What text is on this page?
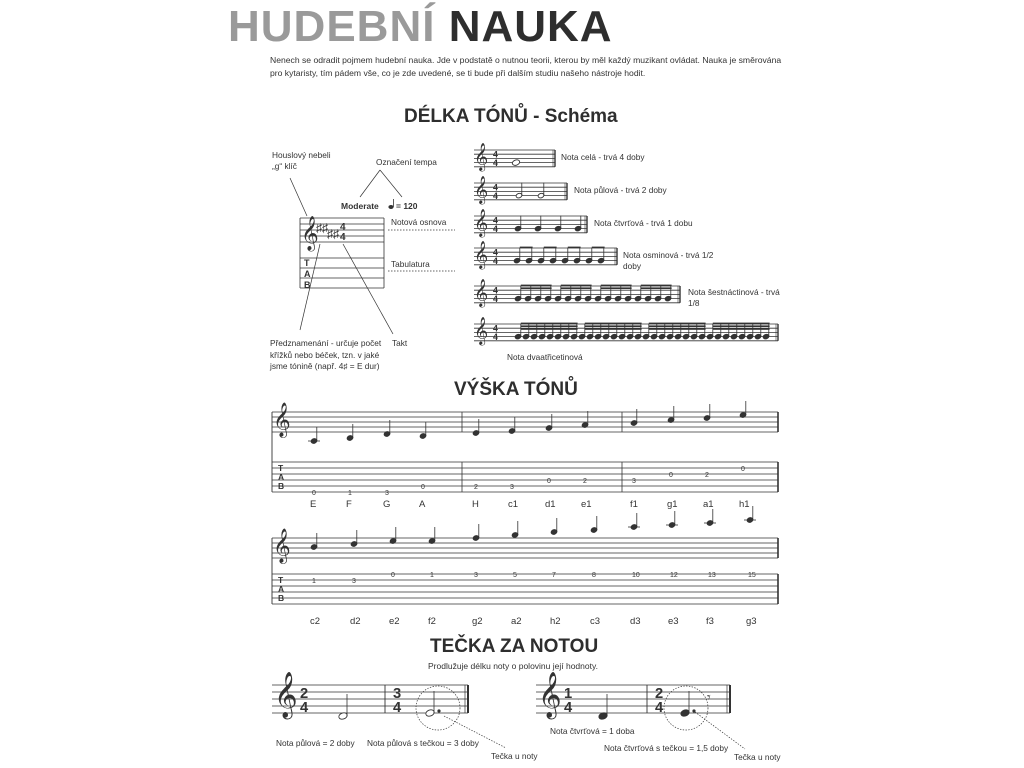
HUDEBNÍ NAUKA
Nenech se odradit pojmem hudební nauka. Jde v podstatě o nutnou teorii, kterou by měl každý muzikant ovládat. Nauka je směrována pro kytaristy, tím pádem vše, co je zde uvedené, se ti bude při dalším studiu našeho nástroje hodit.
DÉLKA TÓNŮ - Schéma
VÝŠKA TÓNŮ
TEČKA ZA NOTOU
Prodlužuje délku noty o polovinu její hodnoty.
Houslový nebeli
„g“ klíč	Označení tempa
Notová osnova
Tabulatura
Předznamenání - určuje počet
křížků nebo béček, tzn. v jaké
jsme tónině (např. 4♯ = E dur)
Takt
Nota celá - trvá 4 doby
Nota půlová - trvá 2 doby
Nota čtvrťová - trvá 1 dobu
Nota osminová - trvá 1/2
doby
Nota šestnáctinová - trvá
1/8
Nota dvaatřicetinová
Nota půlová = 2 doby Nota půlová s tečkou = 3 doby
Tečka u noty
Nota čtvrťová = 1 doba
Nota čtvrťová s tečkou = 1,5 doby
Tečka u noty
𝄞
♯♯ ♯♯ 4
4
T
A
B
Moderate = 120
𝄞 4
4
𝄞 4
4
𝄞 4
4
𝄞 4
4
𝄞 4
4
𝄞 4
4
𝄞
T
A
B
0
E
1
F
3
G
0
A
2
H
3
c1
0
d1
2
e1
3
f1
0
g1
2
a1
0
h1
𝄞
T
A
B
1
c2
3
d2
0
e2
1
f2
3
g2
5
a2
7
h2
8
c3
10
d3
12
e3
13
f3
15
g3
𝄞 2
4
3
4	𝄞 1
4
2
4
𝄾
